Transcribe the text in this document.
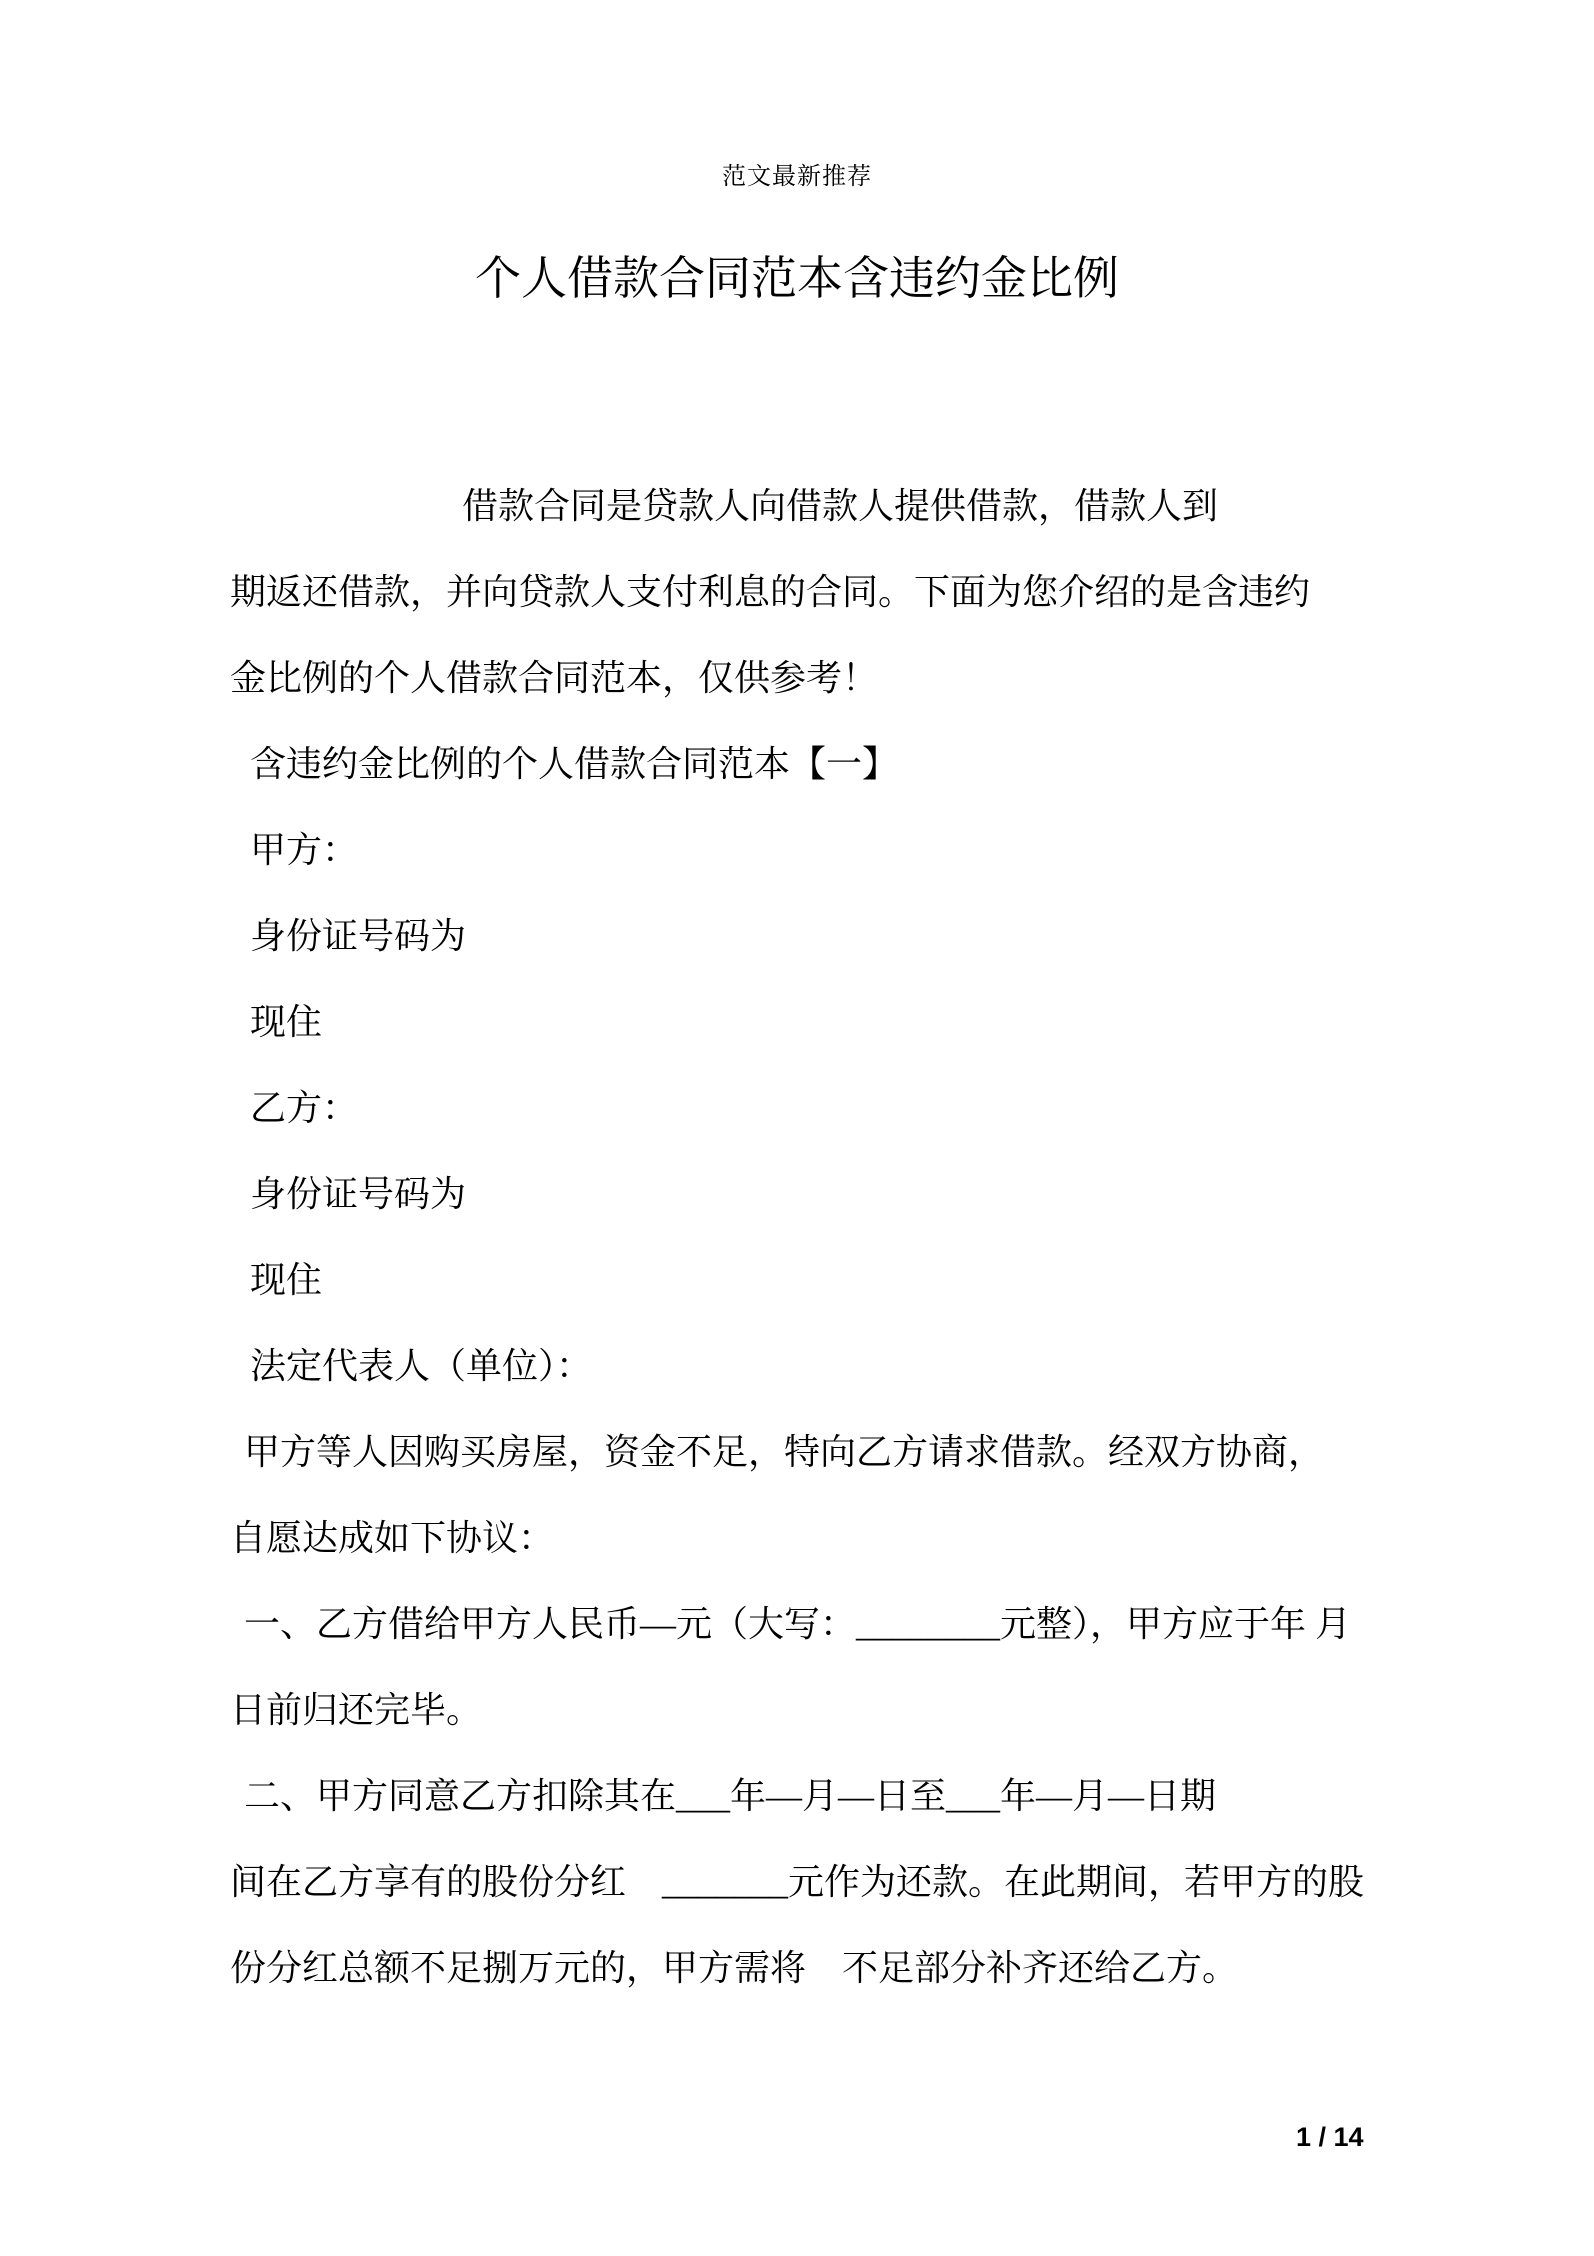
范文最新推荐
个人借款合同范本含违约金比例
借款合同是贷款人向借款人提供借款，借款人到
期返还借款，并向贷款人支付利息的合同。下面为您介绍的是含违约
金比例的个人借款合同范本，仅供参考！
含违约金比例的个人借款合同范本【一】
甲方：
身份证号码为
现住
乙方：
身份证号码为
现住
法定代表人（单位）：
甲方等人因购买房屋，资金不足，特向乙方请求借款。经双方协商，
自愿达成如下协议：
一、乙方借给甲方人民币—元（大写：________元整），甲方应于年 月
日前归还完毕。
二、甲方同意乙方扣除其在___年—月—日至___年—月—日期
间在乙方享有的股份分红　_______元作为还款。在此期间，若甲方的股
份分红总额不足捌万元的，甲方需将　不足部分补齐还给乙方。
1 / 14
